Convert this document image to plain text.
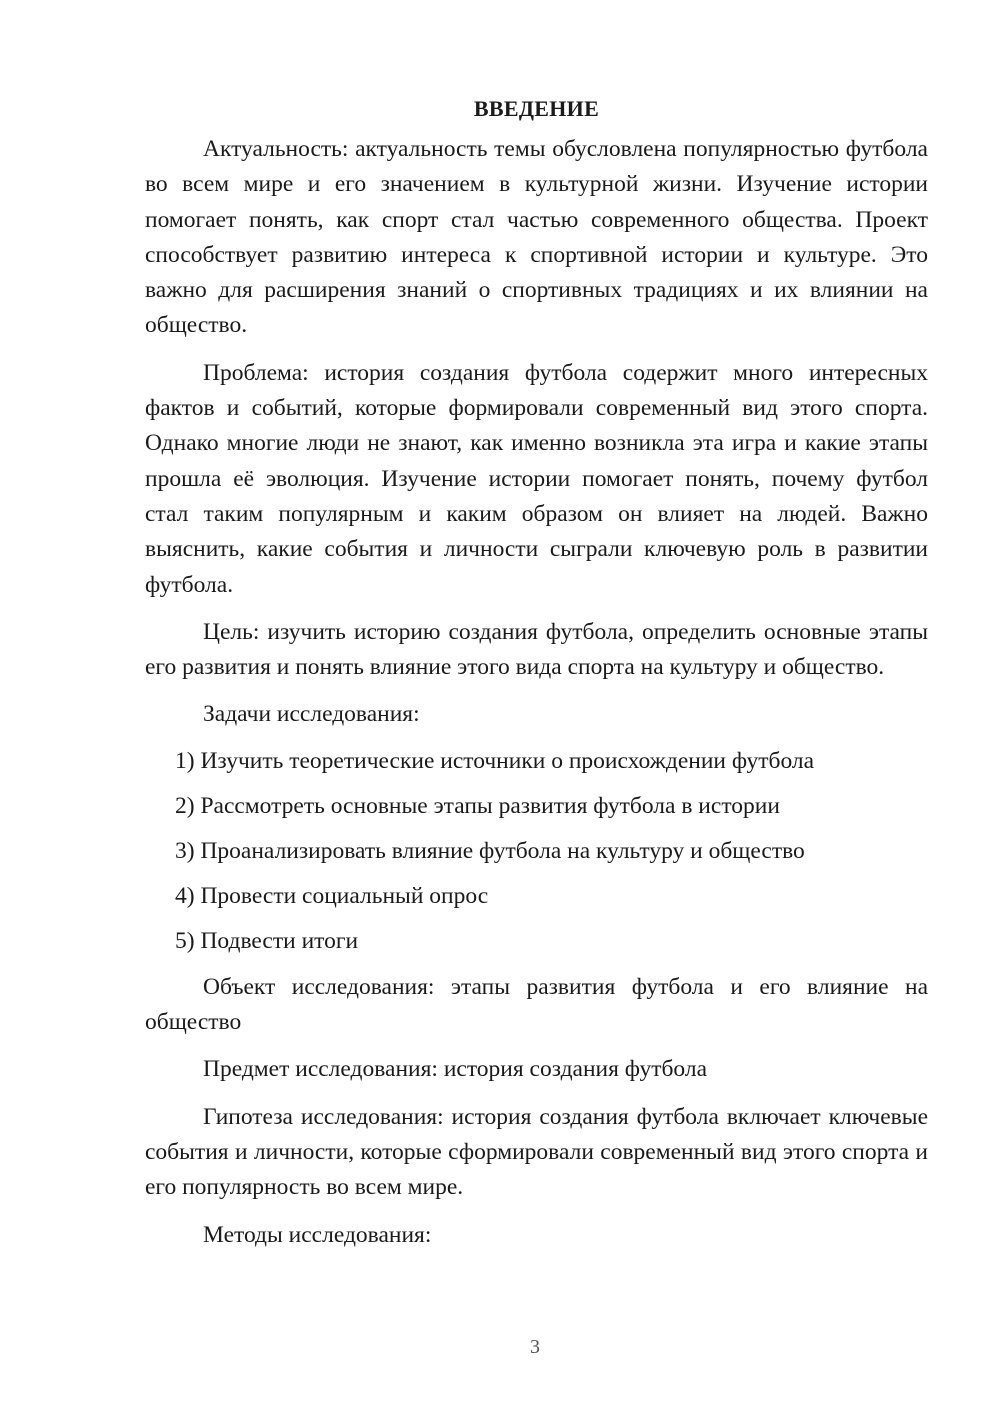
ВВЕДЕНИЕ

Актуальность: актуальность темы обусловлена популярностью футбола во всем мире и его значением в культурной жизни. Изучение истории помогает понять, как спорт стал частью современного общества. Проект способствует развитию интереса к спортивной истории и культуре. Это важно для расширения знаний о спортивных традициях и их влиянии на общество.

Проблема: история создания футбола содержит много интересных фактов и событий, которые формировали современный вид этого спорта. Однако многие люди не знают, как именно возникла эта игра и какие этапы прошла её эволюция. Изучение истории помогает понять, почему футбол стал таким популярным и каким образом он влияет на людей. Важно выяснить, какие события и личности сыграли ключевую роль в развитии футбола.

Цель: изучить историю создания футбола, определить основные этапы его развития и понять влияние этого вида спорта на культуру и общество.

Задачи исследования:

1) Изучить теоретические источники о происхождении футбола
2) Рассмотреть основные этапы развития футбола в истории
3) Проанализировать влияние футбола на культуру и общество
4) Провести социальный опрос
5) Подвести итоги

Объект исследования: этапы развития футбола и его влияние на общество

Предмет исследования: история создания футбола

Гипотеза исследования: история создания футбола включает ключевые события и личности, которые сформировали современный вид этого спорта и его популярность во всем мире.

Методы исследования:

3
